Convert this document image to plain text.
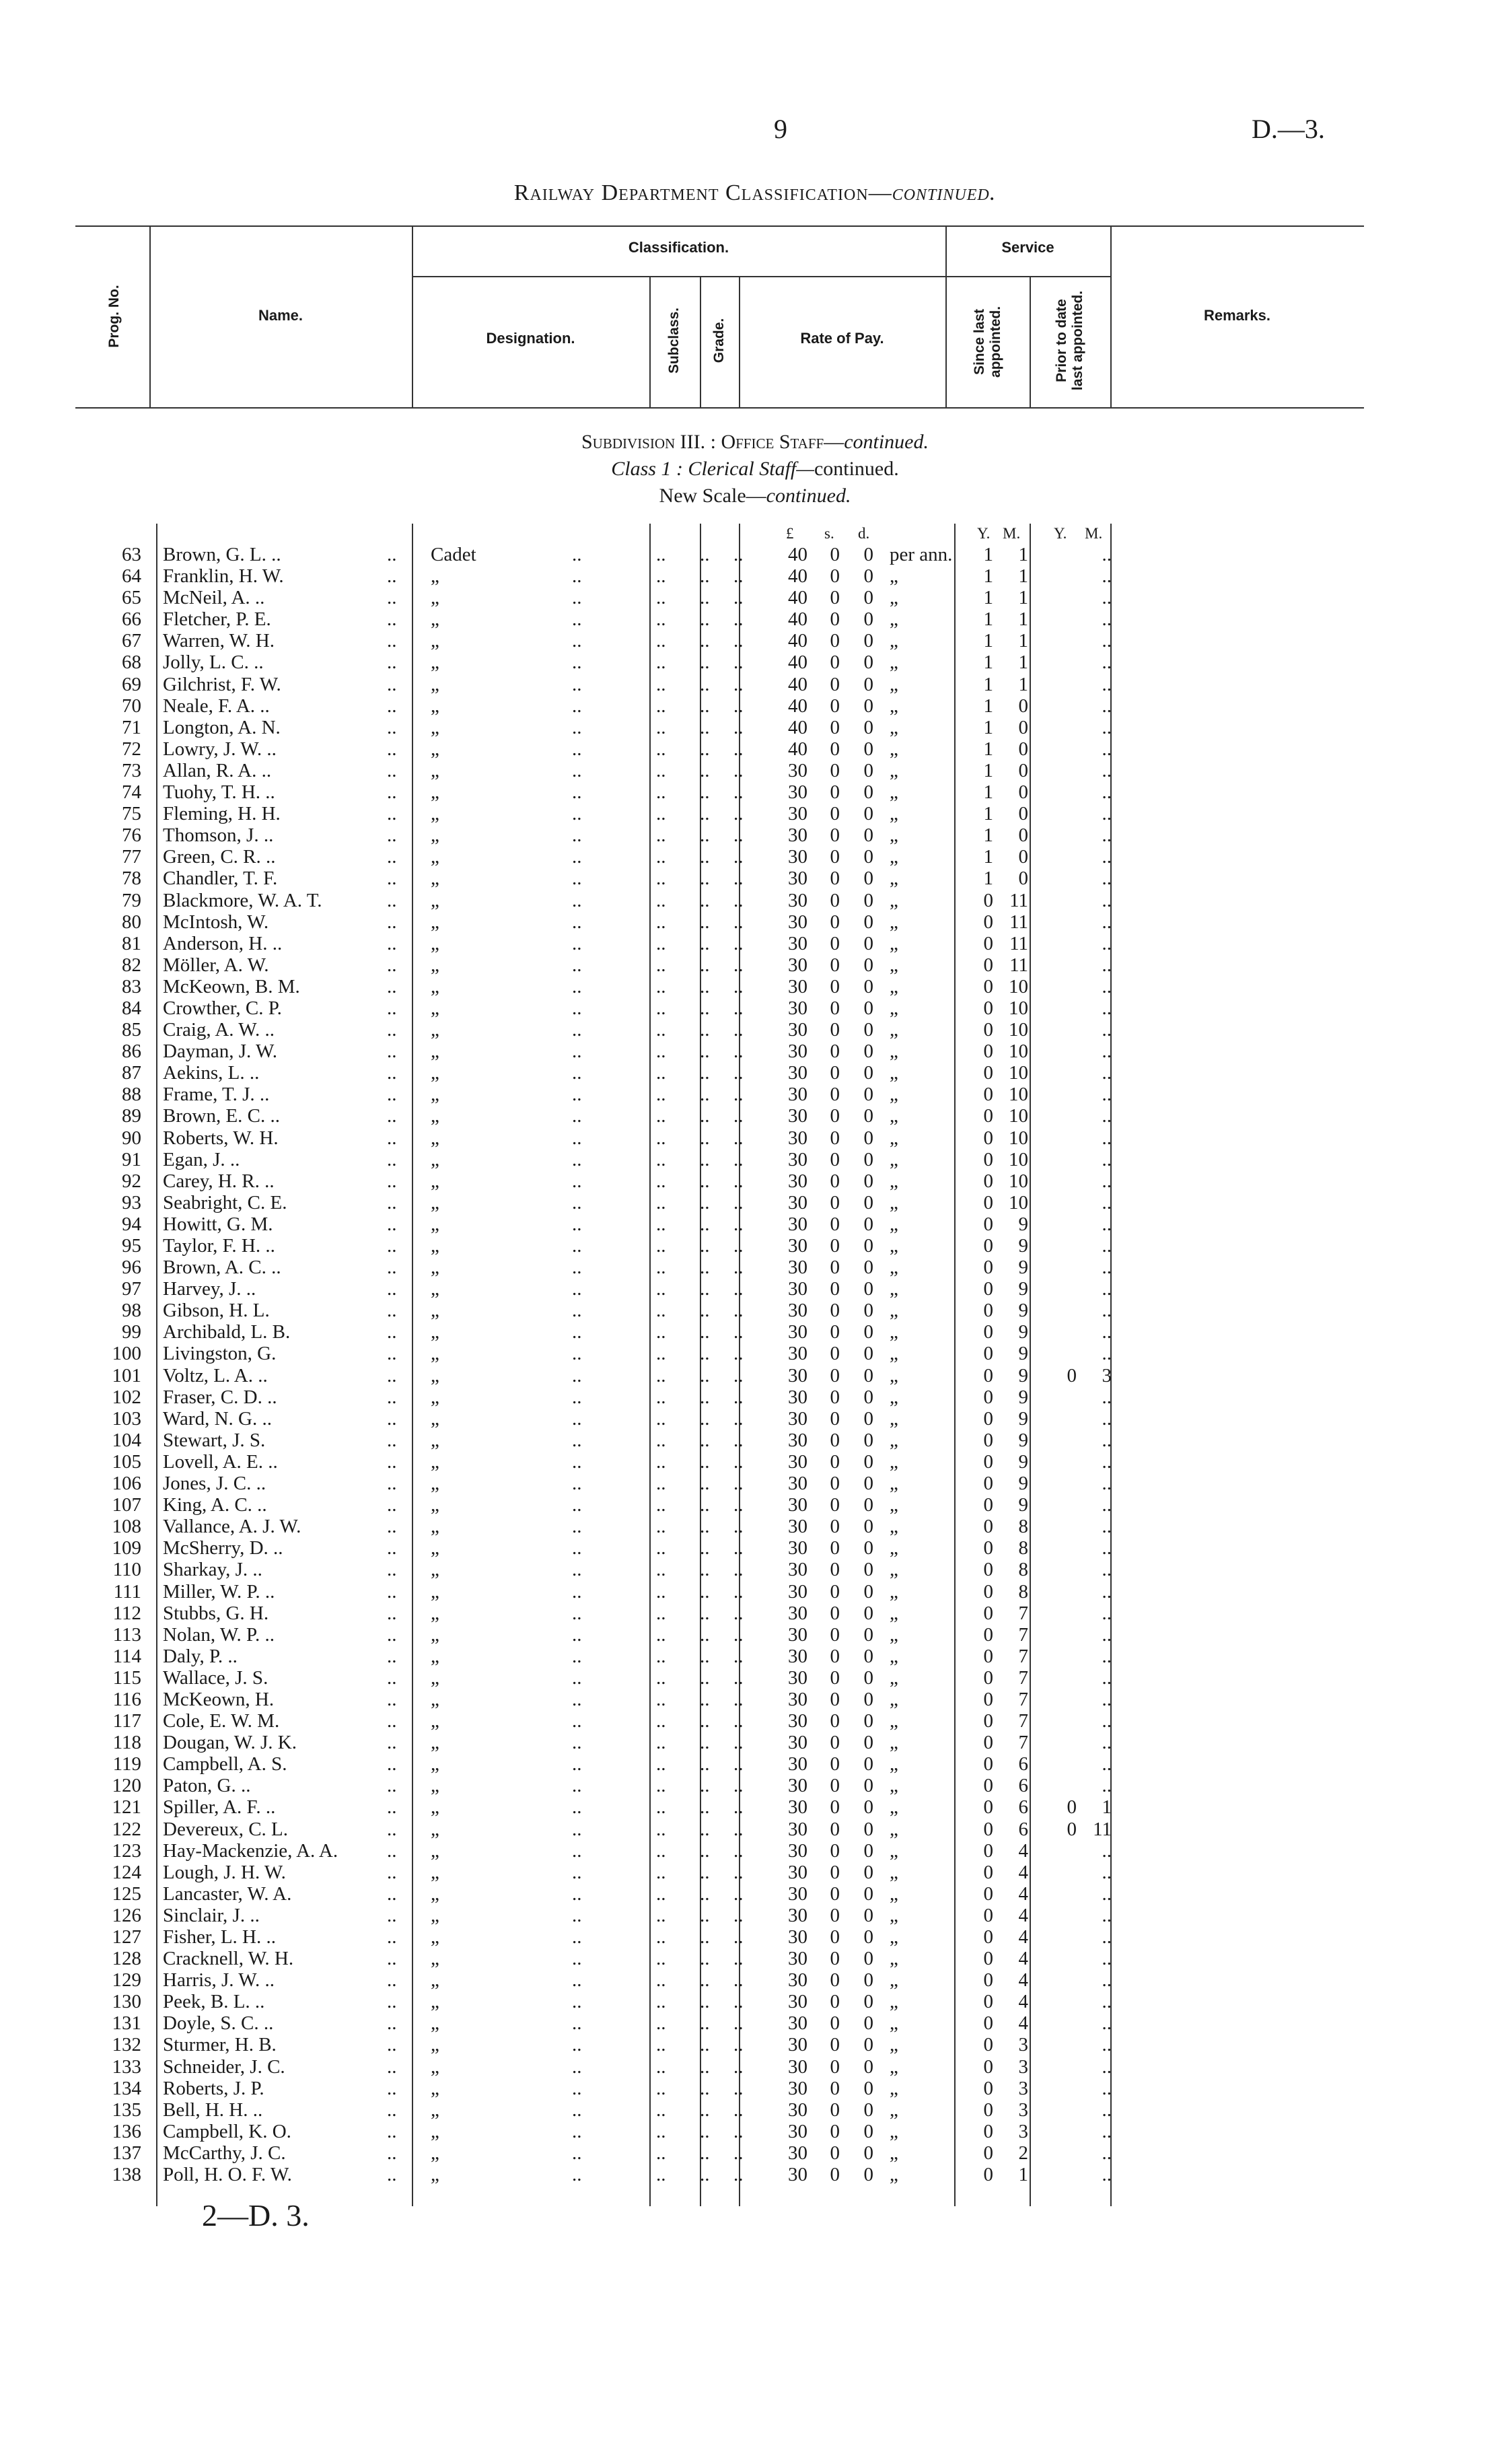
9	D.—3.
Railway Department Classification—continued.
Prog. No.	Name.
Classification.
Designation.	Subclass. Grade.	Rate of Pay.
Service
Since last appointed.	Prior to date last appointed.	Remarks.
Subdivision III. : Office Staff—continued.
Class 1 : Clerical Staff—continued.
New Scale—continued.
£ s. d.	Y. M. Y. M.
63 Brown, G. L. ..	.. Cadet	..	.. .. ..	40	0	0 per ann.	1	1	..
64 Franklin, H. W.	.. „	..	.. .. ..	40	0	0 „	1	1	..
65 McNeil, A. ..	.. „	..	.. .. ..	40	0	0 „	1	1	..
66 Fletcher, P. E.	.. „	..	.. .. ..	40	0	0 „	1	1	..
67 Warren, W. H.	.. „	..	.. .. ..	40	0	0 „	1	1	..
68 Jolly, L. C. ..	.. „	..	.. .. ..	40	0	0 „	1	1	..
69 Gilchrist, F. W.	.. „	..	.. .. ..	40	0	0 „	1	1	..
70 Neale, F. A. ..	.. „	..	.. .. ..	40	0	0 „	1	0	..
71 Longton, A. N.	.. „	..	.. .. ..	40	0	0 „	1	0	..
72 Lowry, J. W. ..	.. „	..	.. .. ..	40	0	0 „	1	0	..
73 Allan, R. A. ..	.. „	..	.. .. ..	30	0	0 „	1	0	..
74 Tuohy, T. H. ..	.. „	..	.. .. ..	30	0	0 „	1	0	..
75 Fleming, H. H.	.. „	..	.. .. ..	30	0	0 „	1	0	..
76 Thomson, J. ..	.. „	..	.. .. ..	30	0	0 „	1	0	..
77 Green, C. R. ..	.. „	..	.. .. ..	30	0	0 „	1	0	..
78 Chandler, T. F.	.. „	..	.. .. ..	30	0	0 „	1	0	..
79 Blackmore, W. A. T.	.. „	..	.. .. ..	30	0	0 „	0 11	..
80 McIntosh, W.	.. „	..	.. .. ..	30	0	0 „	0 11	..
81 Anderson, H. ..	.. „	..	.. .. ..	30	0	0 „	0 11	..
82 Möller, A. W.	.. „	..	.. .. ..	30	0	0 „	0 11	..
83 McKeown, B. M.	.. „	..	.. .. ..	30	0	0 „	0 10	..
84 Crowther, C. P.	.. „	..	.. .. ..	30	0	0 „	0 10	..
85 Craig, A. W. ..	.. „	..	.. .. ..	30	0	0 „	0 10	..
86 Dayman, J. W.	.. „	..	.. .. ..	30	0	0 „	0 10	..
87 Aekins, L. ..	.. „	..	.. .. ..	30	0	0 „	0 10	..
88 Frame, T. J. ..	.. „	..	.. .. ..	30	0	0 „	0 10	..
89 Brown, E. C. ..	.. „	..	.. .. ..	30	0	0 „	0 10	..
90 Roberts, W. H.	.. „	..	.. .. ..	30	0	0 „	0 10	..
91 Egan, J. ..	.. „	..	.. .. ..	30	0	0 „	0 10	..
92 Carey, H. R. ..	.. „	..	.. .. ..	30	0	0 „	0 10	..
93 Seabright, C. E.	.. „	..	.. .. ..	30	0	0 „	0 10	..
94 Howitt, G. M.	.. „	..	.. .. ..	30	0	0 „	0	9	..
95 Taylor, F. H. ..	.. „	..	.. .. ..	30	0	0 „	0	9	..
96 Brown, A. C. ..	.. „	..	.. .. ..	30	0	0 „	0	9	..
97 Harvey, J. ..	.. „	..	.. .. ..	30	0	0 „	0	9	..
98 Gibson, H. L.	.. „	..	.. .. ..	30	0	0 „	0	9	..
99 Archibald, L. B.	.. „	..	.. .. ..	30	0	0 „	0	9	..
100 Livingston, G.	.. „	..	.. .. ..	30	0	0 „	0	9	..
101 Voltz, L. A. ..	.. „	..	.. .. ..	30	0	0 „	0	9	0	3
102 Fraser, C. D. ..	.. „	..	.. .. ..	30	0	0 „	0	9	..
103 Ward, N. G. ..	.. „	..	.. .. ..	30	0	0 „	0	9	..
104 Stewart, J. S.	.. „	..	.. .. ..	30	0	0 „	0	9	..
105 Lovell, A. E. ..	.. „	..	.. .. ..	30	0	0 „	0	9	..
106 Jones, J. C. ..	.. „	..	.. .. ..	30	0	0 „	0	9	..
107 King, A. C. ..	.. „	..	.. .. ..	30	0	0 „	0	9	..
108 Vallance, A. J. W.	.. „	..	.. .. ..	30	0	0 „	0	8	..
109 McSherry, D. ..	.. „	..	.. .. ..	30	0	0 „	0	8	..
110 Sharkay, J. ..	.. „	..	.. .. ..	30	0	0 „	0	8	..
111 Miller, W. P. ..	.. „	..	.. .. ..	30	0	0 „	0	8	..
112 Stubbs, G. H.	.. „	..	.. .. ..	30	0	0 „	0	7	..
113 Nolan, W. P. ..	.. „	..	.. .. ..	30	0	0 „	0	7	..
114 Daly, P. ..	.. „	..	.. .. ..	30	0	0 „	0	7	..
115 Wallace, J. S.	.. „	..	.. .. ..	30	0	0 „	0	7	..
116 McKeown, H.	.. „	..	.. .. ..	30	0	0 „	0	7	..
117 Cole, E. W. M.	.. „	..	.. .. ..	30	0	0 „	0	7	..
118 Dougan, W. J. K.	.. „	..	.. .. ..	30	0	0 „	0	7	..
119 Campbell, A. S.	.. „	..	.. .. ..	30	0	0 „	0	6	..
120 Paton, G. ..	.. „	..	.. .. ..	30	0	0 „	0	6	..
121 Spiller, A. F. ..	.. „	..	.. .. ..	30	0	0 „	0	6	0	1
122 Devereux, C. L.	.. „	..	.. .. ..	30	0	0 „	0	6	0 11
123 Hay-Mackenzie, A. A.	.. „	..	.. .. ..	30	0	0 „	0	4	..
124 Lough, J. H. W.	.. „	..	.. .. ..	30	0	0 „	0	4	..
125 Lancaster, W. A.	.. „	..	.. .. ..	30	0	0 „	0	4	..
126 Sinclair, J. ..	.. „	..	.. .. ..	30	0	0 „	0	4	..
127 Fisher, L. H. ..	.. „	..	.. .. ..	30	0	0 „	0	4	..
128 Cracknell, W. H.	.. „	..	.. .. ..	30	0	0 „	0	4	..
129 Harris, J. W. ..	.. „	..	.. .. ..	30	0	0 „	0	4	..
130 Peek, B. L. ..	.. „	..	.. .. ..	30	0	0 „	0	4	..
131 Doyle, S. C. ..	.. „	..	.. .. ..	30	0	0 „	0	4	..
132 Sturmer, H. B.	.. „	..	.. .. ..	30	0	0 „	0	3	..
133 Schneider, J. C.	.. „	..	.. .. ..	30	0	0 „	0	3	..
134 Roberts, J. P.	.. „	..	.. .. ..	30	0	0 „	0	3	..
135 Bell, H. H. ..	.. „	..	.. .. ..	30	0	0 „	0	3	..
136 Campbell, K. O.	.. „	..	.. .. ..	30	0	0 „	0	3	..
137 McCarthy, J. C.	.. „	..	.. .. ..	30	0	0 „	0	2	..
138 Poll, H. O. F. W.	.. „	..	.. .. ..	30	0	0 „	0	1	..
2—D. 3.
